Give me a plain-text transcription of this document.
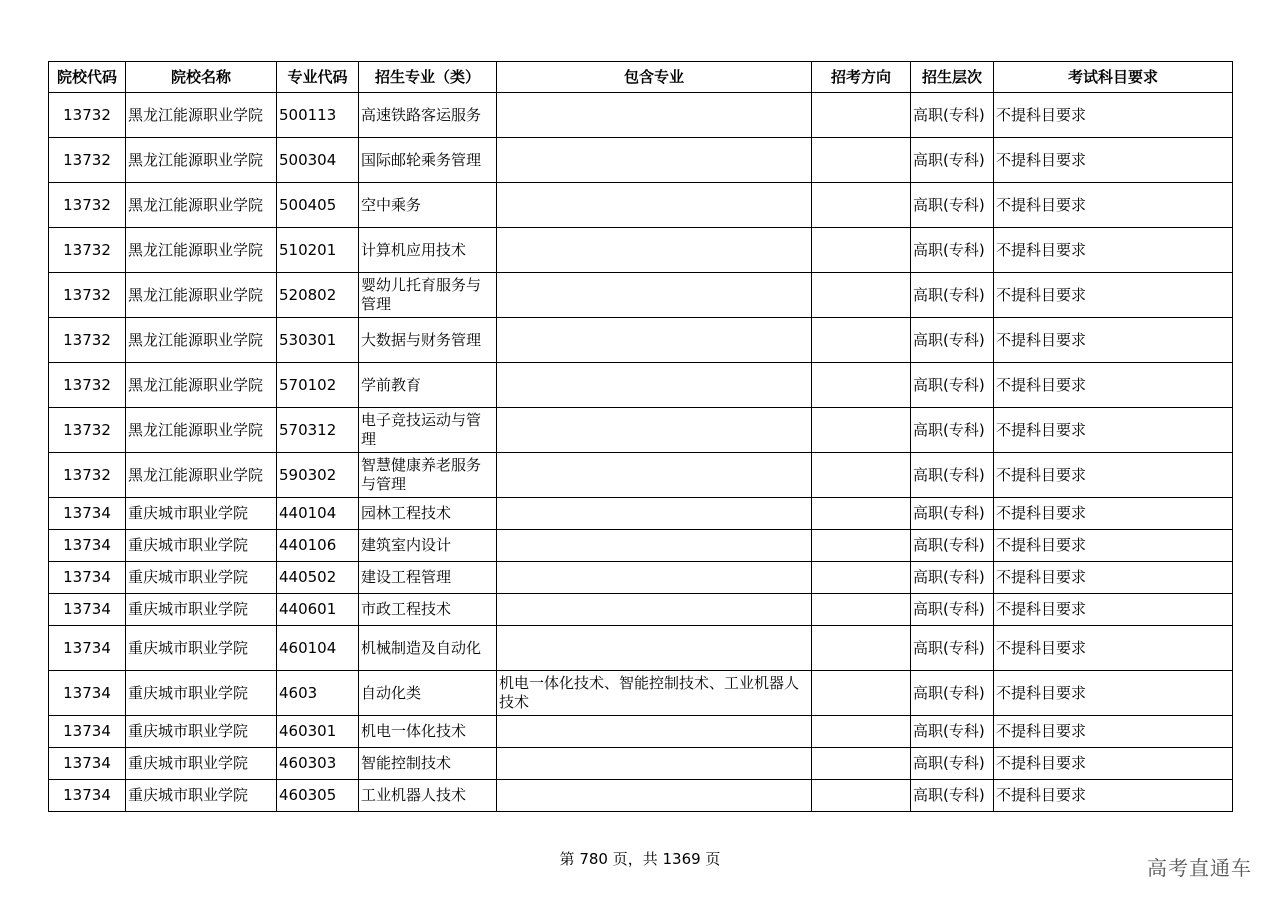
院校代码	院校名称	专业代码	招生专业（类）	包含专业	招考方向	招生层次	考试科目要求
13732	黑龙江能源职业学院	500113	高速铁路客运服务			高职(专科)	不提科目要求
13732	黑龙江能源职业学院	500304	国际邮轮乘务管理			高职(专科)	不提科目要求
13732	黑龙江能源职业学院	500405	空中乘务			高职(专科)	不提科目要求
13732	黑龙江能源职业学院	510201	计算机应用技术			高职(专科)	不提科目要求
13732	黑龙江能源职业学院	520802	婴幼儿托育服务与管理			高职(专科)	不提科目要求
13732	黑龙江能源职业学院	530301	大数据与财务管理			高职(专科)	不提科目要求
13732	黑龙江能源职业学院	570102	学前教育			高职(专科)	不提科目要求
13732	黑龙江能源职业学院	570312	电子竞技运动与管理			高职(专科)	不提科目要求
13732	黑龙江能源职业学院	590302	智慧健康养老服务与管理			高职(专科)	不提科目要求
13734	重庆城市职业学院	440104	园林工程技术			高职(专科)	不提科目要求
13734	重庆城市职业学院	440106	建筑室内设计			高职(专科)	不提科目要求
13734	重庆城市职业学院	440502	建设工程管理			高职(专科)	不提科目要求
13734	重庆城市职业学院	440601	市政工程技术			高职(专科)	不提科目要求
13734	重庆城市职业学院	460104	机械制造及自动化			高职(专科)	不提科目要求
13734	重庆城市职业学院	4603	自动化类	机电一体化技术、智能控制技术、工业机器人技术		高职(专科)	不提科目要求
13734	重庆城市职业学院	460301	机电一体化技术			高职(专科)	不提科目要求
13734	重庆城市职业学院	460303	智能控制技术			高职(专科)	不提科目要求
13734	重庆城市职业学院	460305	工业机器人技术			高职(专科)	不提科目要求
第 780 页，共 1369 页	高考直通车
